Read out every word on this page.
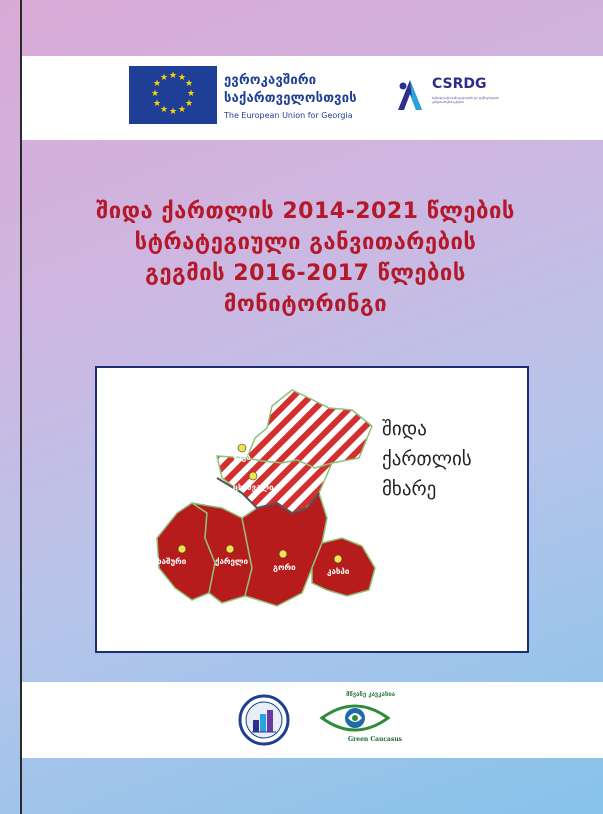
★ ★
★
★
★
★
★
★
★
★
★
★	ევროკავშირი
საქართველოსთვის
The European Union for Georgia
CSRDG
სამოქალაქო საზოგადოების და დემოკრატიის განვითარების ცენტრი
შიდა ქართლის 2014-2021 წლების
სტრატეგიული განვითარების
გეგმის 2016-2017 წლების
მონიტორინგი
ჯავა
ცხინვალი
ხაშური	ქარელი
გორი	კასპი
შიდა
ქართლის
მხარე
მწვანე კავკასია
Green Caucasus
